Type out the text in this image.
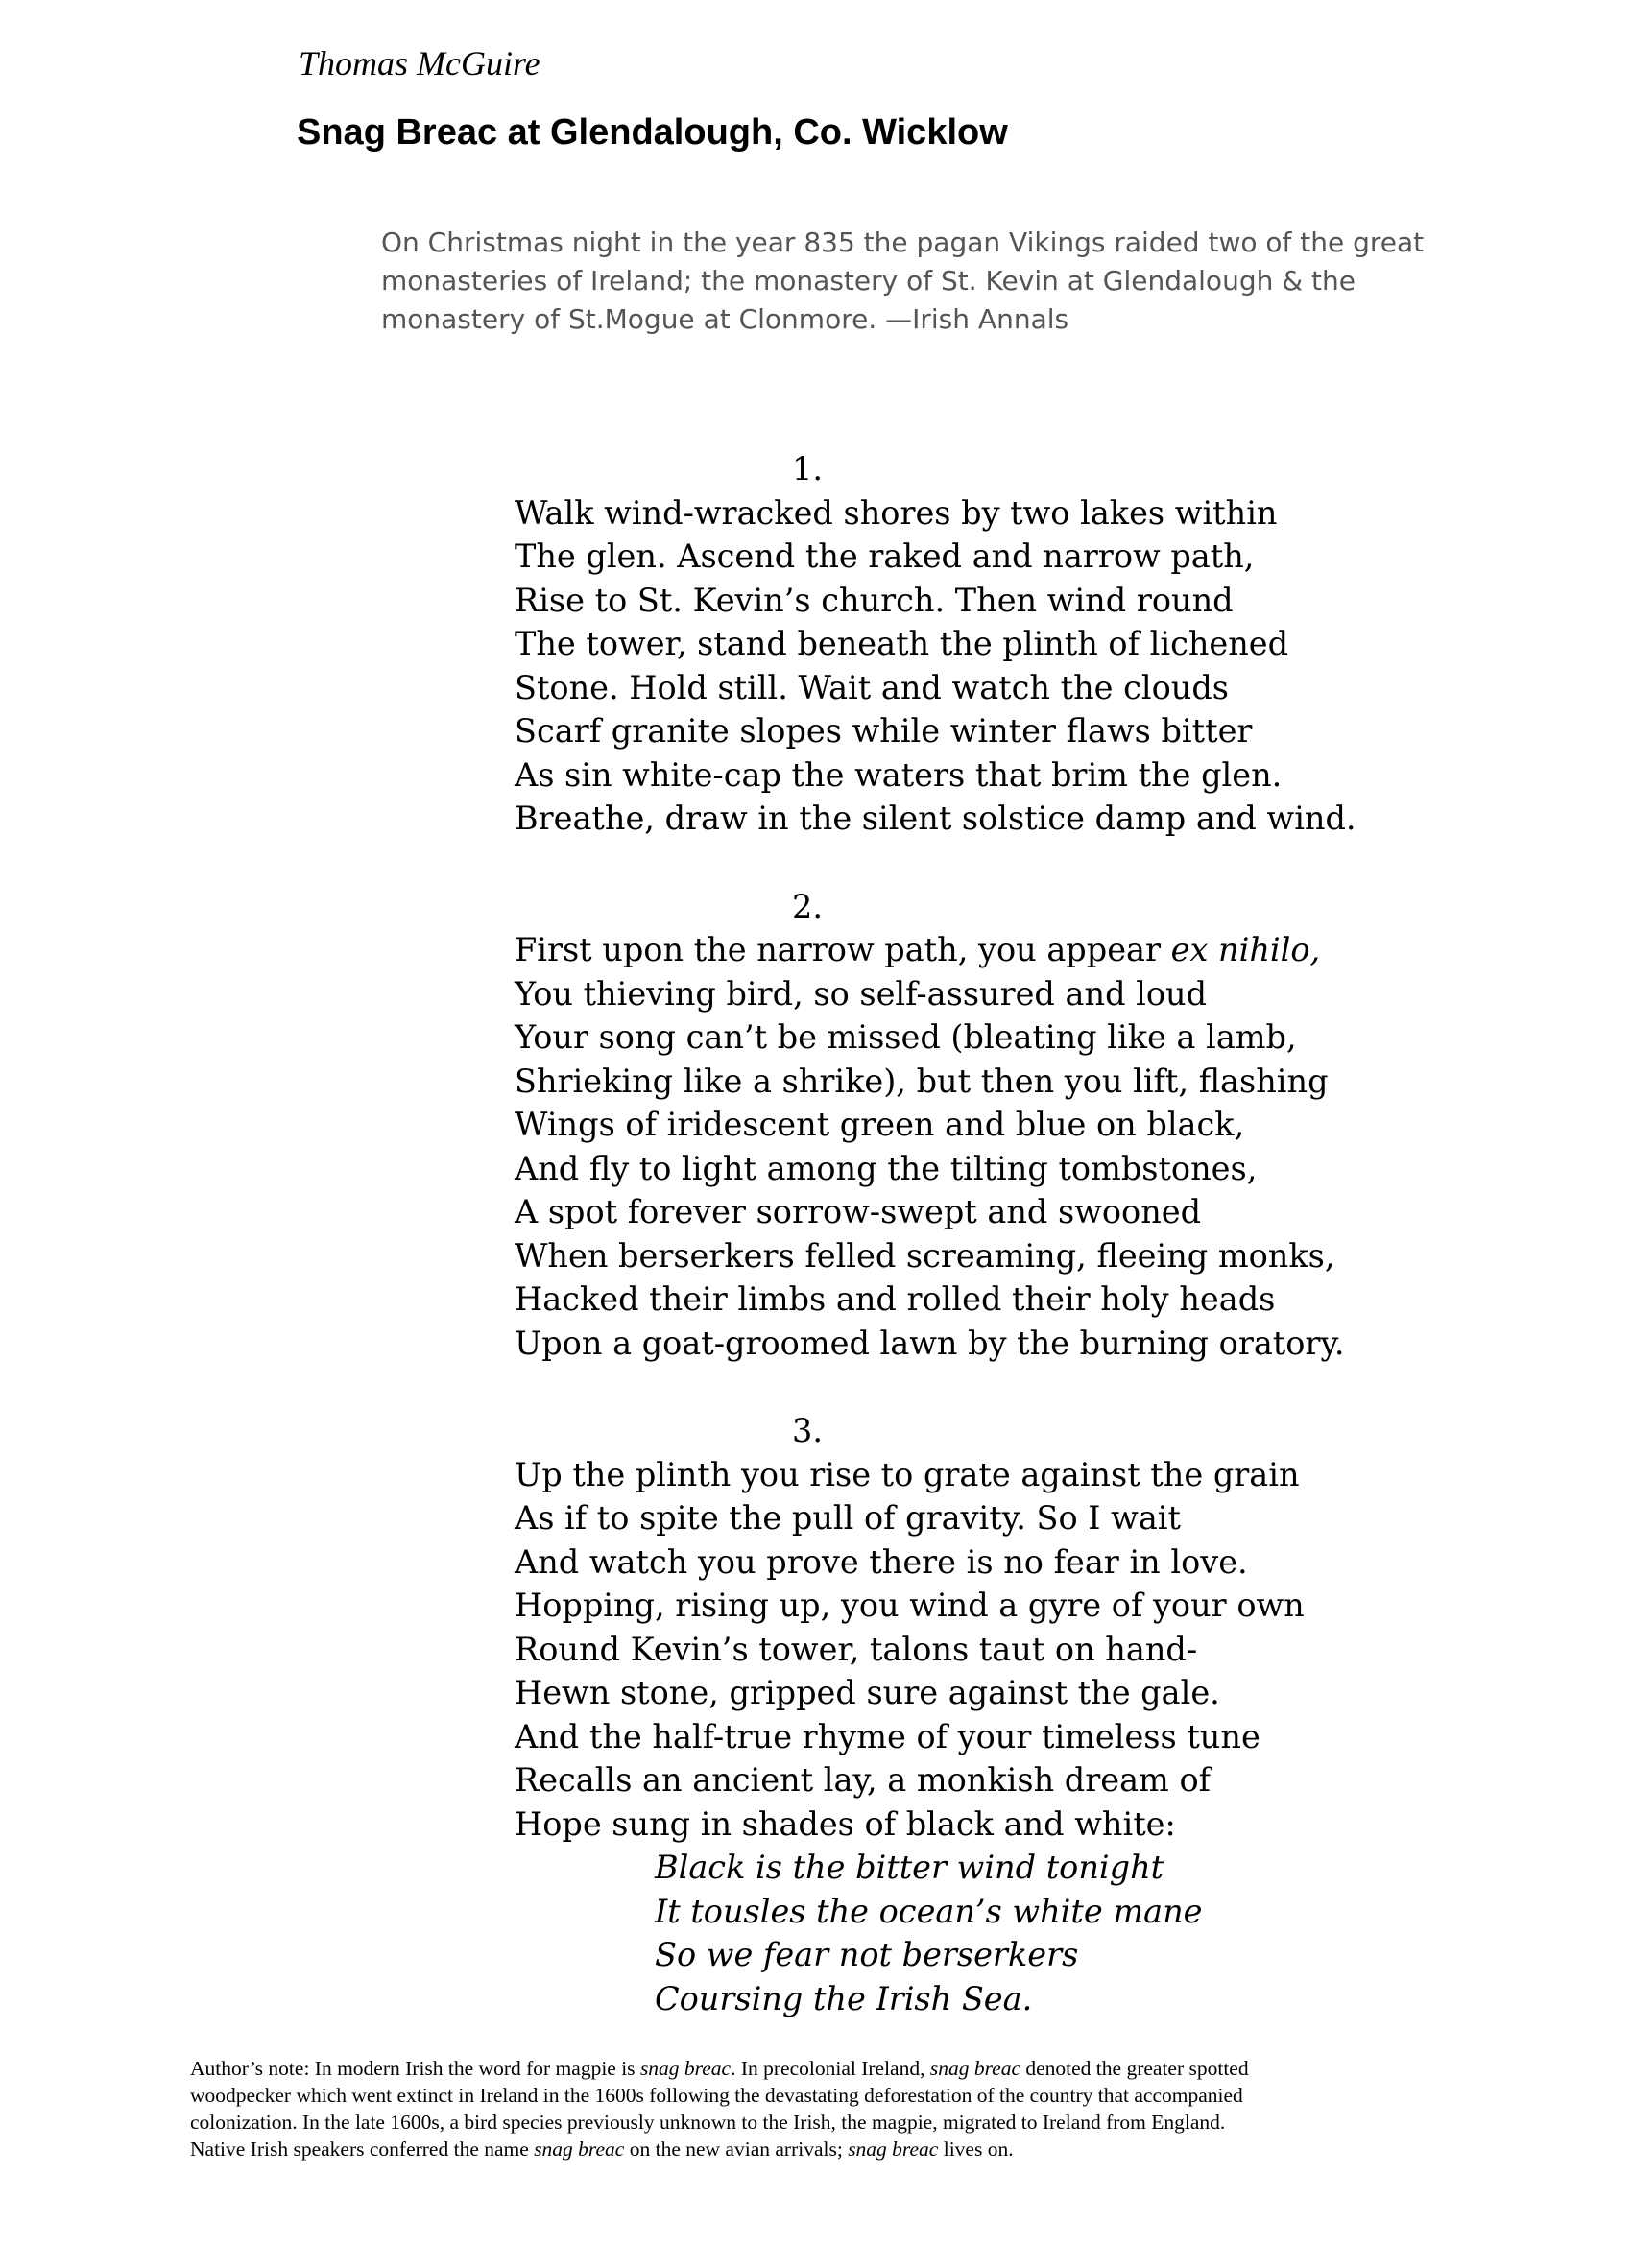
Thomas McGuire
Snag Breac at Glendalough, Co. Wicklow
On Christmas night in the year 835 the pagan Vikings raided two of the great
monasteries of Ireland; the monastery of St. Kevin at Glendalough & the
monastery of St.Mogue at Clonmore. —Irish Annals
1.
Walk wind-wracked shores by two lakes within
The glen. Ascend the raked and narrow path,
Rise to St. Kevin’s church. Then wind round
The tower, stand beneath the plinth of lichened
Stone. Hold still. Wait and watch the clouds
Scarf granite slopes while winter flaws bitter
As sin white-cap the waters that brim the glen.
Breathe, draw in the silent solstice damp and wind.
2.
First upon the narrow path, you appear ex nihilo,
You thieving bird, so self-assured and loud
Your song can’t be missed (bleating like a lamb,
Shrieking like a shrike), but then you lift, flashing
Wings of iridescent green and blue on black,
And fly to light among the tilting tombstones,
A spot forever sorrow-swept and swooned
When berserkers felled screaming, fleeing monks,
Hacked their limbs and rolled their holy heads
Upon a goat-groomed lawn by the burning oratory.
3.
Up the plinth you rise to grate against the grain
As if to spite the pull of gravity. So I wait
And watch you prove there is no fear in love.
Hopping, rising up, you wind a gyre of your own
Round Kevin’s tower, talons taut on hand-
Hewn stone, gripped sure against the gale.
And the half-true rhyme of your timeless tune
Recalls an ancient lay, a monkish dream of
Hope sung in shades of black and white:
Black is the bitter wind tonight
It tousles the ocean’s white mane
So we fear not berserkers
Coursing the Irish Sea.
Author’s note: In modern Irish the word for magpie is snag breac. In precolonial Ireland, snag breac denoted the greater spotted
woodpecker which went extinct in Ireland in the 1600s following the devastating deforestation of the country that accompanied
colonization. In the late 1600s, a bird species previously unknown to the Irish, the magpie, migrated to Ireland from England.
Native Irish speakers conferred the name snag breac on the new avian arrivals; snag breac lives on.
